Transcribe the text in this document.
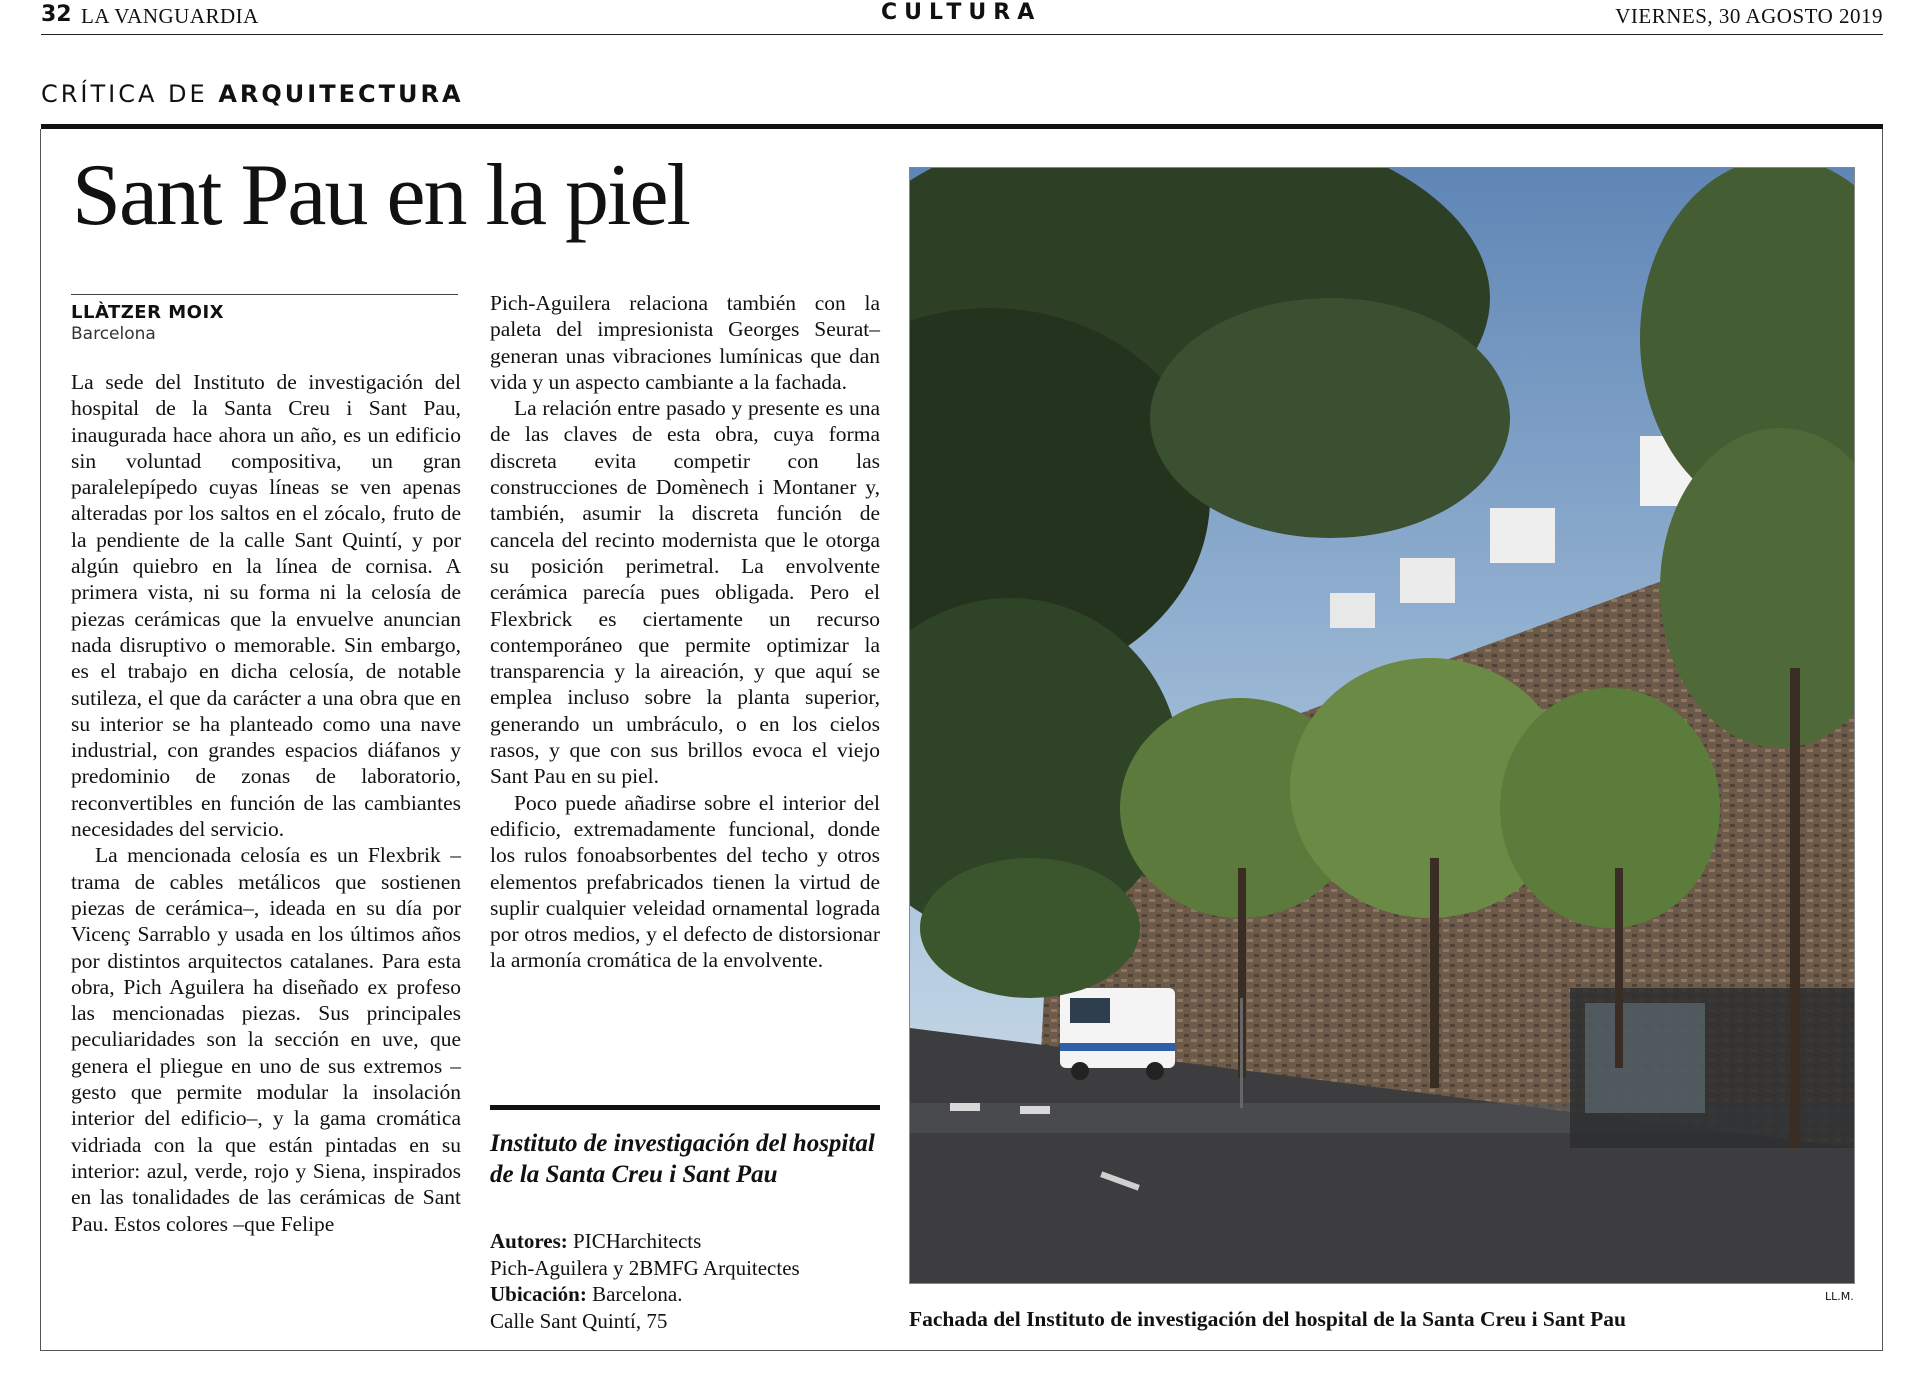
32 LA VANGUARDIA	CULTURA	VIERNES, 30 AGOSTO 2019
CRÍTICA DE ARQUITECTURA
Sant Pau en la piel
LLÀTZER MOIX
Barcelona

La sede del Instituto de investigación del hospital de la Santa Creu i Sant Pau, inaugurada hace ahora un año, es un edificio sin voluntad compositiva, un gran paralelepípedo cuyas líneas se ven apenas alteradas por los saltos en el zócalo, fruto de la pendiente de la calle Sant Quintí, y por algún quiebro en la línea de cornisa. A primera vista, ni su forma ni la celosía de piezas cerámicas que la envuelve anuncian nada disruptivo o memorable. Sin embargo, es el trabajo en dicha celosía, de notable sutileza, el que da carácter a una obra que en su interior se ha planteado como una nave industrial, con grandes espacios diáfanos y predominio de zonas de laboratorio, reconvertibles en función de las cambiantes necesidades del servicio.

La mencionada celosía es un Flexbrik –trama de cables metálicos que sostienen piezas de cerámica–, ideada en su día por Vicenç Sarrablo y usada en los últimos años por distintos arquitectos catalanes. Para esta obra, Pich Aguilera ha diseñado ex profeso las mencionadas piezas. Sus principales peculiaridades son la sección en uve, que genera el pliegue en uno de sus extremos –gesto que permite modular la insolación interior del edificio–, y la gama cromática vidriada con la que están pintadas en su interior: azul, verde, rojo y Siena, inspirados en las tonalidades de las cerámicas de Sant Pau. Estos colores –que Felipe

Pich-Aguilera relaciona también con la paleta del impresionista Georges Seurat– generan unas vibraciones lumínicas que dan vida y un aspecto cambiante a la fachada.

La relación entre pasado y presente es una de las claves de esta obra, cuya forma discreta evita competir con las construcciones de Domènech i Montaner y, también, asumir la discreta función de cancela del recinto modernista que le otorga su posición perimetral. La envolvente cerámica parecía pues obligada. Pero el Flexbrick es ciertamente un recurso contemporáneo que permite optimizar la transparencia y la aireación, y que aquí se emplea incluso sobre la planta superior, generando un umbráculo, o en los cielos rasos, y que con sus brillos evoca el viejo Sant Pau en su piel.

Poco puede añadirse sobre el interior del edificio, extremadamente funcional, donde los rulos fonoabsorbentes del techo y otros elementos prefabricados tienen la virtud de suplir cualquier veleidad ornamental lograda por otros medios, y el defecto de distorsionar la armonía cromática de la envolvente.

Instituto de investigación del hospital de la Santa Creu i Sant Pau
Autores: PICHarchitects
Pich-Aguilera y 2BMFG Arquitectes
Ubicación: Barcelona.
Calle Sant Quintí, 75
LL.M.
Fachada del Instituto de investigación del hospital de la Santa Creu i Sant Pau
